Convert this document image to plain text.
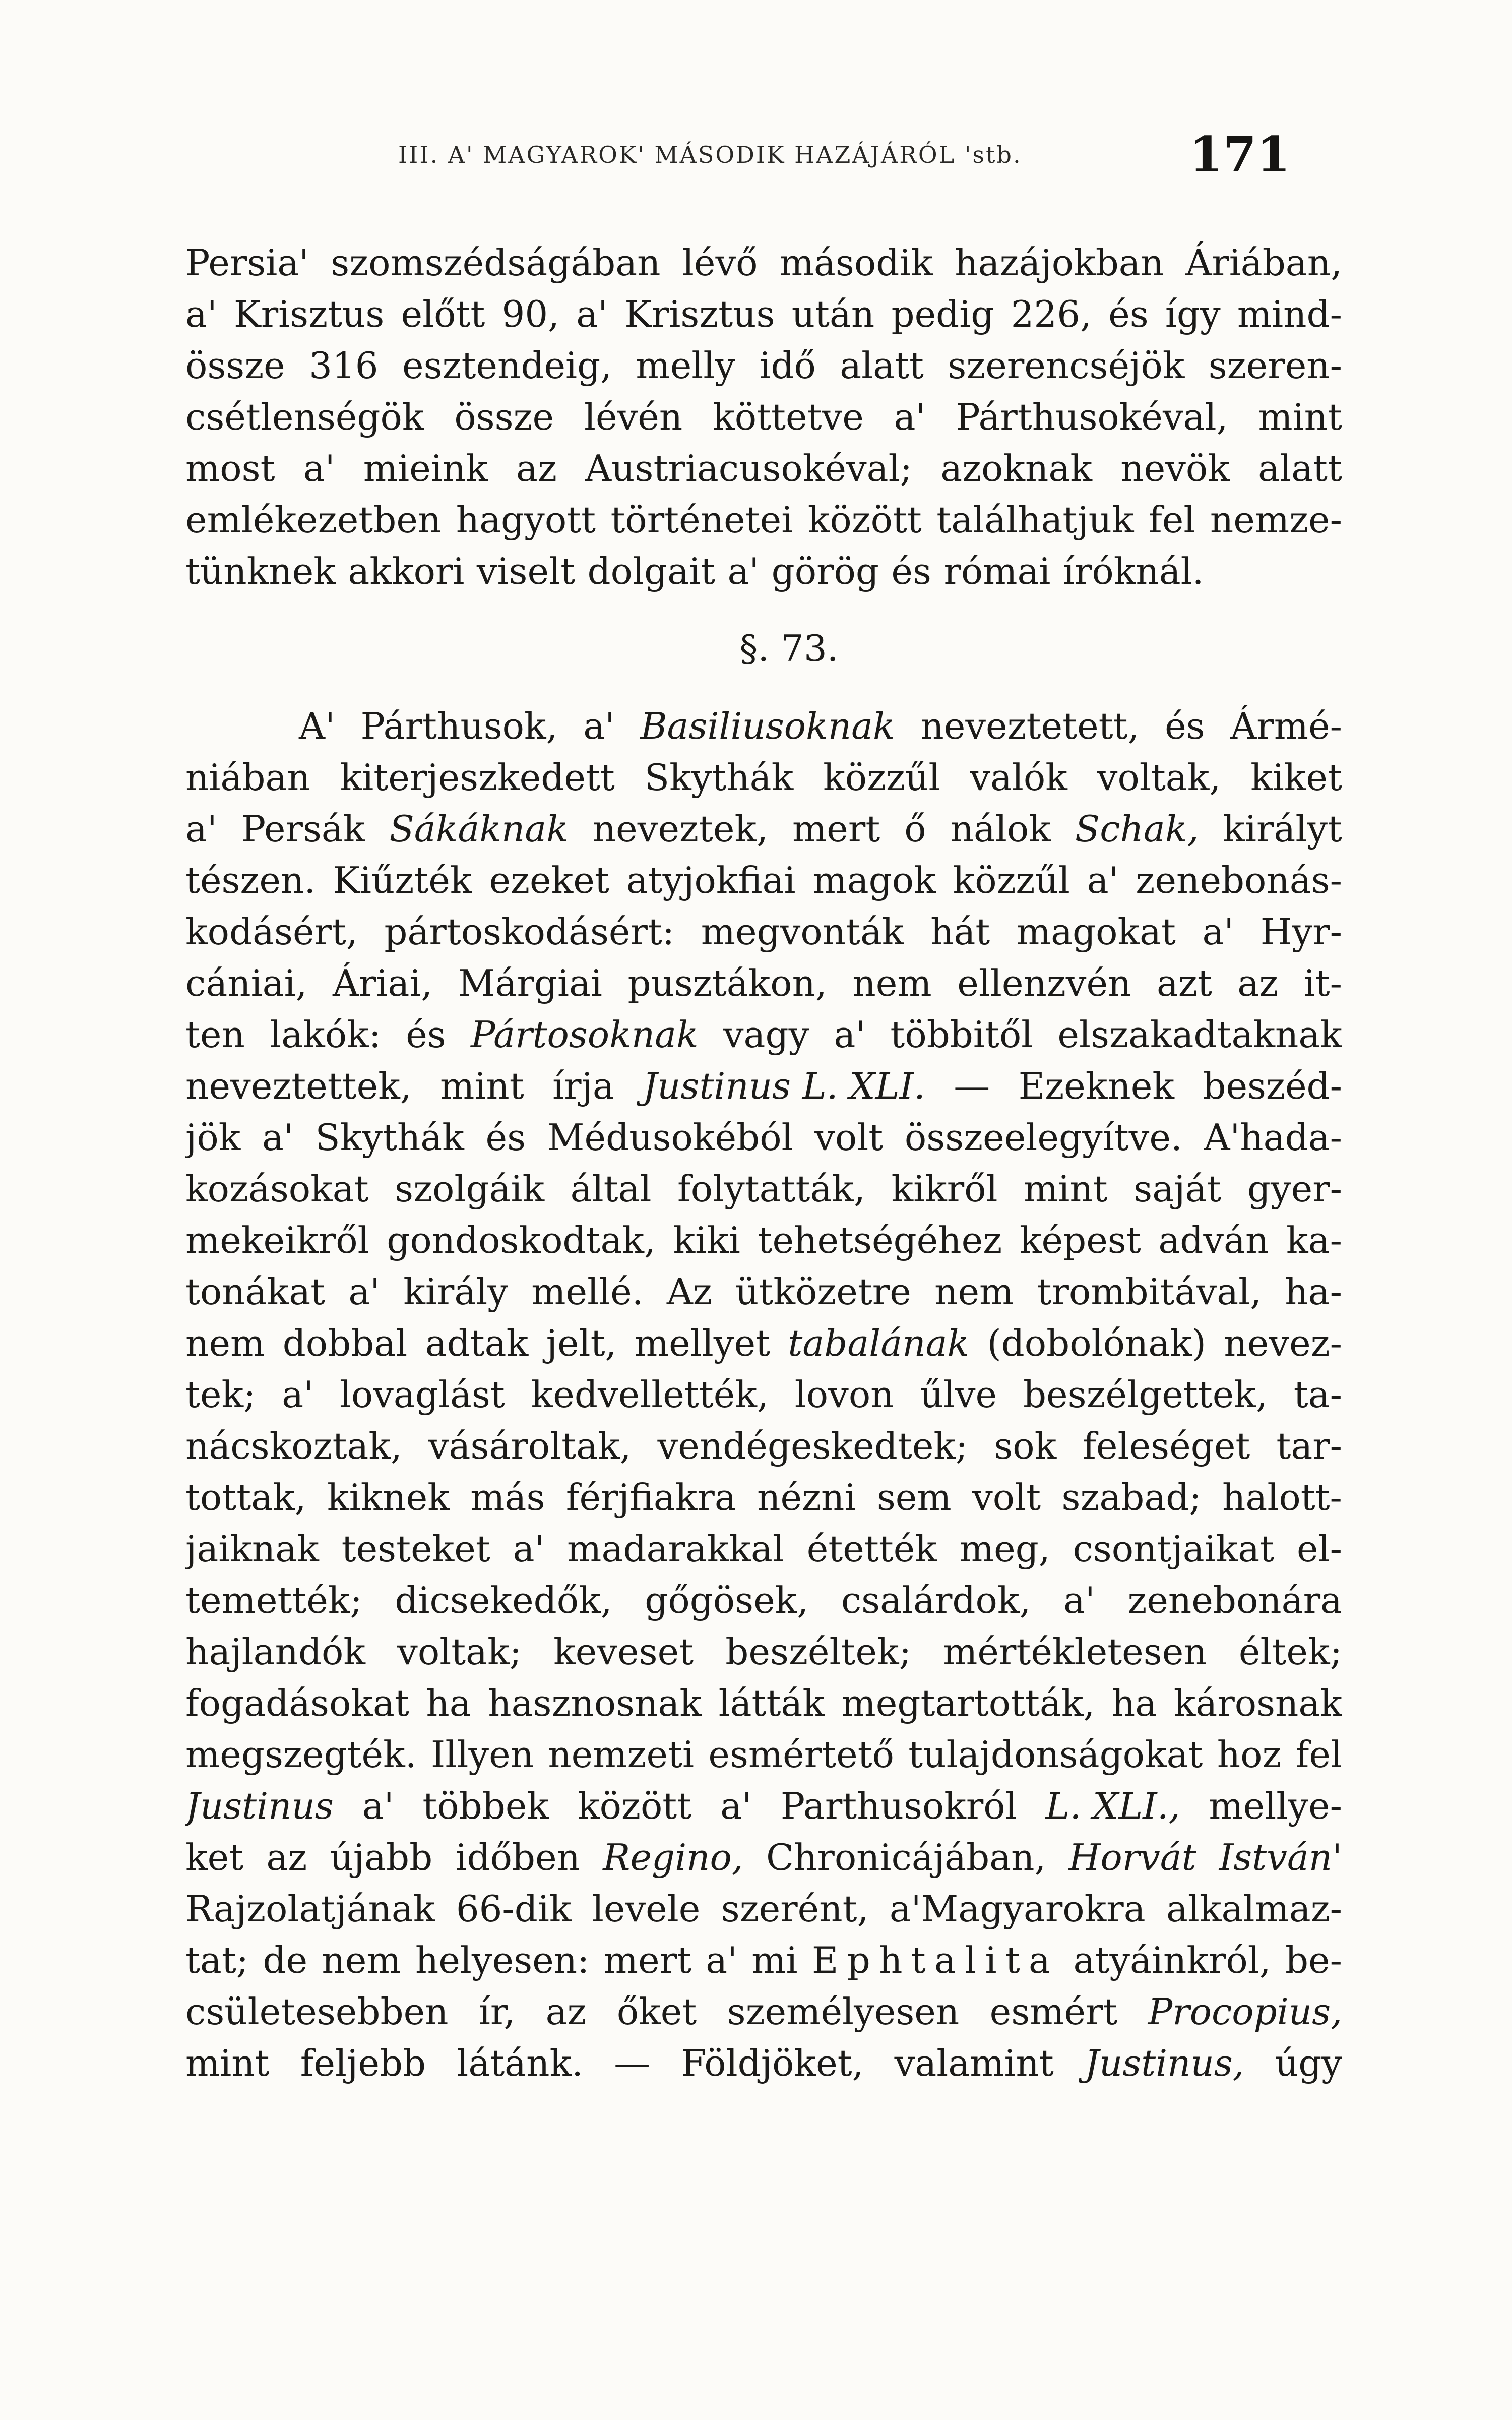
III. A' MAGYAROK' MÁSODIK HAZÁJÁRÓL 'stb.	171
Persia' szomszédságában lévő második hazájokban Áriában,
a' Krisztus előtt 90, a' Krisztus után pedig 226, és így mind-
össze 316 esztendeig, melly idő alatt szerencséjök szeren-
csétlenségök össze lévén köttetve a' Párthusokéval, mint
most a' mieink az Austriacusokéval; azoknak nevök alatt
emlékezetben hagyott történetei között találhatjuk fel nemze-
tünknek akkori viselt dolgait a' görög és római íróknál.
§. 73.
A' Párthusok, a' Basiliusoknak neveztetett, és Ármé-
niában kiterjeszkedett Skythák közzűl valók voltak, kiket
a' Persák Sákáknak neveztek, mert ő nálok Schak, királyt
tészen. Kiűzték ezeket atyjokfiai magok közzűl a' zenebonás-
kodásért, pártoskodásért: megvonták hát magokat a' Hyr-
cániai, Áriai, Márgiai pusztákon, nem ellenzvén azt az it-
ten lakók: és Pártosoknak vagy a' többitől elszakadtaknak
neveztettek, mint írja Justinus L. XLI. — Ezeknek beszéd-
jök a' Skythák és Médusokéból volt összeelegyítve. A'hada-
kozásokat szolgáik által folytatták, kikről mint saját gyer-
mekeikről gondoskodtak, kiki tehetségéhez képest adván ka-
tonákat a' király mellé. Az ütközetre nem trombitával, ha-
nem dobbal adtak jelt, mellyet tabalának (dobolónak) nevez-
tek; a' lovaglást kedvellették, lovon űlve beszélgettek, ta-
nácskoztak, vásároltak, vendégeskedtek; sok feleséget tar-
tottak, kiknek más férjfiakra nézni sem volt szabad; halott-
jaiknak testeket a' madarakkal étették meg, csontjaikat el-
temették; dicsekedők, gőgösek, csalárdok, a' zenebonára
hajlandók voltak; keveset beszéltek; mértékletesen éltek;
fogadásokat ha hasznosnak látták megtartották, ha károsnak
megszegték. Illyen nemzeti esmértető tulajdonságokat hoz fel
Justinus a' többek között a' Parthusokról L. XLI., mellye-
ket az újabb időben Regino, Chronicájában, Horvát István'
Rajzolatjának 66-dik levele szerént, a'Magyarokra alkalmaz-
tat; de nem helyesen: mert a' mi Ephtalita atyáinkról, be-
csületesebben ír, az őket személyesen esmért Procopius,
mint feljebb látánk. — Földjöket, valamint Justinus, úgy
